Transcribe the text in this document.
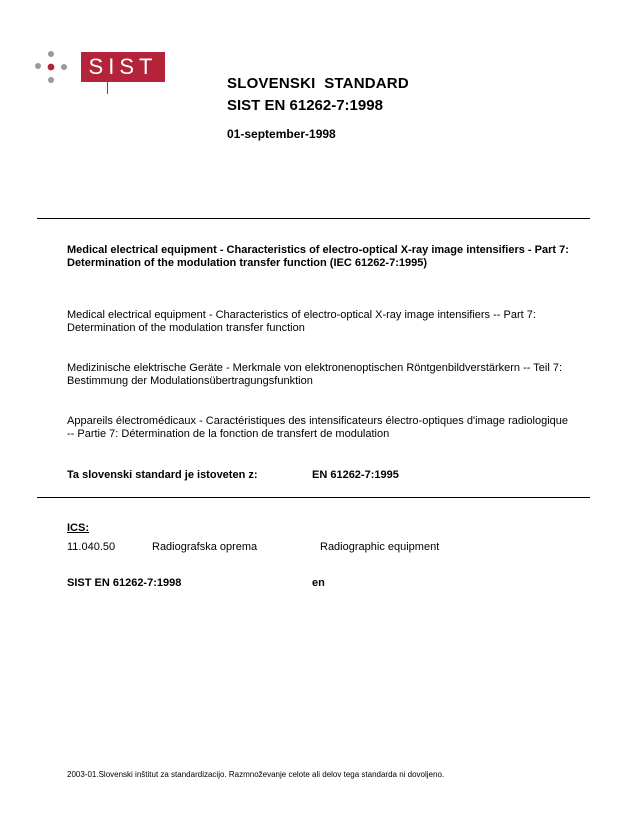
SIST
SLOVENSKI  STANDARD
SIST EN 61262-7:1998
01-september-1998
Medical electrical equipment - Characteristics of electro-optical X-ray image intensifiers - Part 7: Determination of the modulation transfer function (IEC 61262-7:1995)
Medical electrical equipment - Characteristics of electro-optical X-ray image intensifiers -- Part 7: Determination of the modulation transfer function
Medizinische elektrische Geräte - Merkmale von elektronenoptischen Röntgenbildverstärkern -- Teil 7: Bestimmung der Modulationsübertragungsfunktion
Appareils électromédicaux - Caractéristiques des intensificateurs électro-optiques d'image radiologique -- Partie 7: Détermination de la fonction de transfert de modulation
Ta slovenski standard je istoveten z:	EN 61262-7:1995
ICS:
11.040.50	Radiografska oprema	Radiographic equipment
SIST EN 61262-7:1998	en
2003-01.Slovenski inštitut za standardizacijo. Razmnoževanje celote ali delov tega standarda ni dovoljeno.
